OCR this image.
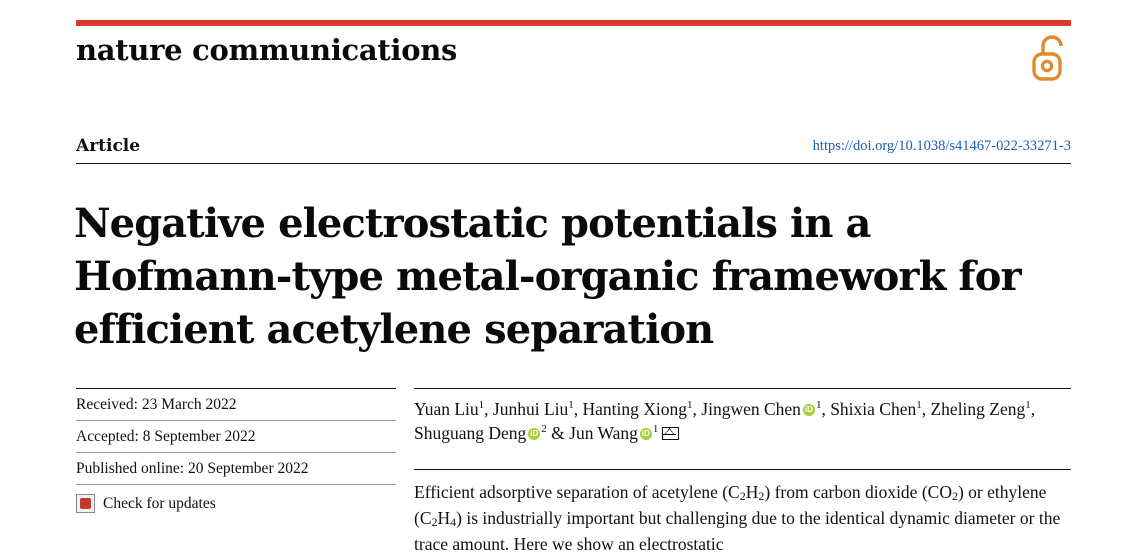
nature communications
Article	https://doi.org/10.1038/s41467-022-33271-3
Negative electrostatic potentials in a Hofmann-type metal-organic framework for efficient acetylene separation
Received: 23 March 2022
Accepted: 8 September 2022
Published online: 20 September 2022
Check for updates
Yuan Liu$^1$, Junhui Liu$^1$, Hanting Xiong$^1$, Jingwen Chen iD $^1$, Shixia Chen$^1$, Zheling Zeng$^1$, Shuguang Deng iD $^2$ & Jun Wang iD $^1$
Efficient adsorptive separation of acetylene $(C_2H_2)$ from carbon dioxide $(CO_2)$ or ethylene $(C_2H_4)$ is industrially important but challenging due to the identical dynamic diameter or the trace amount. Here we show an electrostatic
